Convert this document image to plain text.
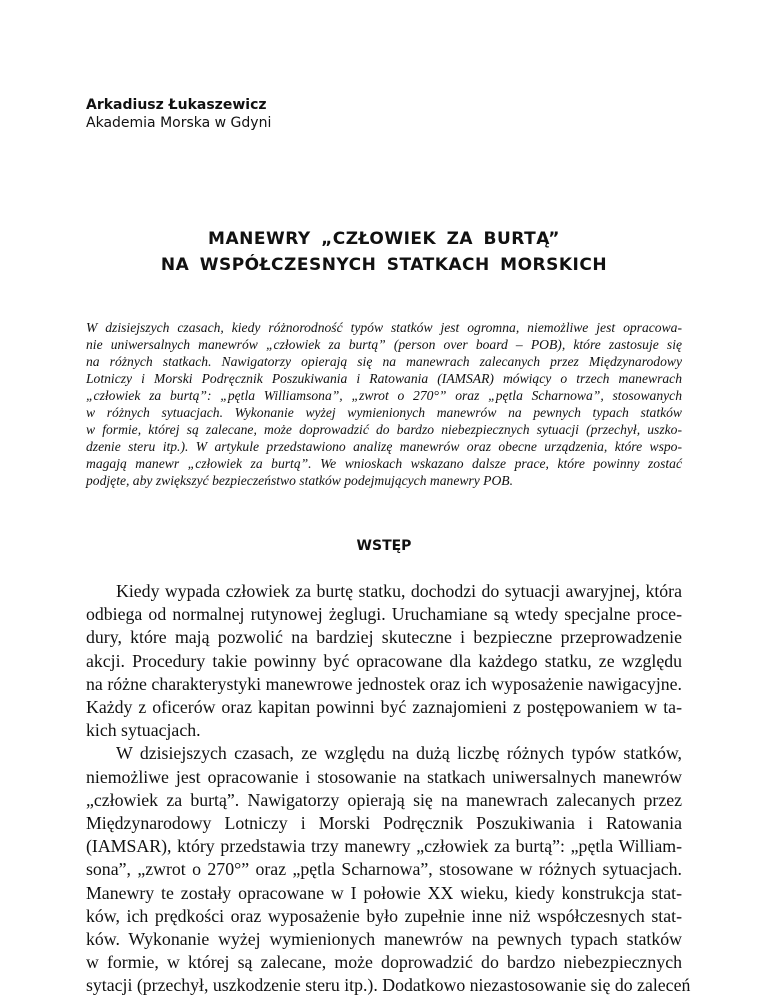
Arkadiusz Łukaszewicz
Akademia Morska w Gdyni
MANEWRY „CZŁOWIEK ZA BURTĄ”
NA WSPÓŁCZESNYCH STATKACH MORSKICH

W dzisiejszych czasach, kiedy różnorodność typów statków jest ogromna, niemożliwe jest opracowa-

nie uniwersalnych manewrów „człowiek za burtą” (person over board – POB), które zastosuje się

na różnych statkach. Nawigatorzy opierają się na manewrach zalecanych przez Międzynarodowy

Lotniczy i Morski Podręcznik Poszukiwania i Ratowania (IAMSAR) mówiący o trzech manewrach

„człowiek za burtą”: „pętla Williamsona”, „zwrot o 270°” oraz „pętla Scharnowa”, stosowanych

w różnych sytuacjach. Wykonanie wyżej wymienionych manewrów na pewnych typach statków

w formie, której są zalecane, może doprowadzić do bardzo niebezpiecznych sytuacji (przechył, uszko-

dzenie steru itp.). W artykule przedstawiono analizę manewrów oraz obecne urządzenia, które wspo-

magają manewr „człowiek za burtą”. We wnioskach wskazano dalsze prace, które powinny zostać

podjęte, aby zwiększyć bezpieczeństwo statków podejmujących manewry POB.

WSTĘP

Kiedy wypada człowiek za burtę statku, dochodzi do sytuacji awaryjnej, która

odbiega od normalnej rutynowej żeglugi. Uruchamiane są wtedy specjalne proce-

dury, które mają pozwolić na bardziej skuteczne i bezpieczne przeprowadzenie

akcji. Procedury takie powinny być opracowane dla każdego statku, ze względu

na różne charakterystyki manewrowe jednostek oraz ich wyposażenie nawigacyjne.

Każdy z oficerów oraz kapitan powinni być zaznajomieni z postępowaniem w ta-

kich sytuacjach.

W dzisiejszych czasach, ze względu na dużą liczbę różnych typów statków,

niemożliwe jest opracowanie i stosowanie na statkach uniwersalnych manewrów

„człowiek za burtą”. Nawigatorzy opierają się na manewrach zalecanych przez

Międzynarodowy Lotniczy i Morski Podręcznik Poszukiwania i Ratowania

(IAMSAR), który przedstawia trzy manewry „człowiek za burtą”: „pętla William-

sona”, „zwrot o 270°” oraz „pętla Scharnowa”, stosowane w różnych sytuacjach.

Manewry te zostały opracowane w I połowie XX wieku, kiedy konstrukcja stat-

ków, ich prędkości oraz wyposażenie było zupełnie inne niż współczesnych stat-

ków. Wykonanie wyżej wymienionych manewrów na pewnych typach statków

w formie, w której są zalecane, może doprowadzić do bardzo niebezpiecznych

sytacji (przechył, uszkodzenie steru itp.). Dodatkowo niezastosowanie się do zaleceń
